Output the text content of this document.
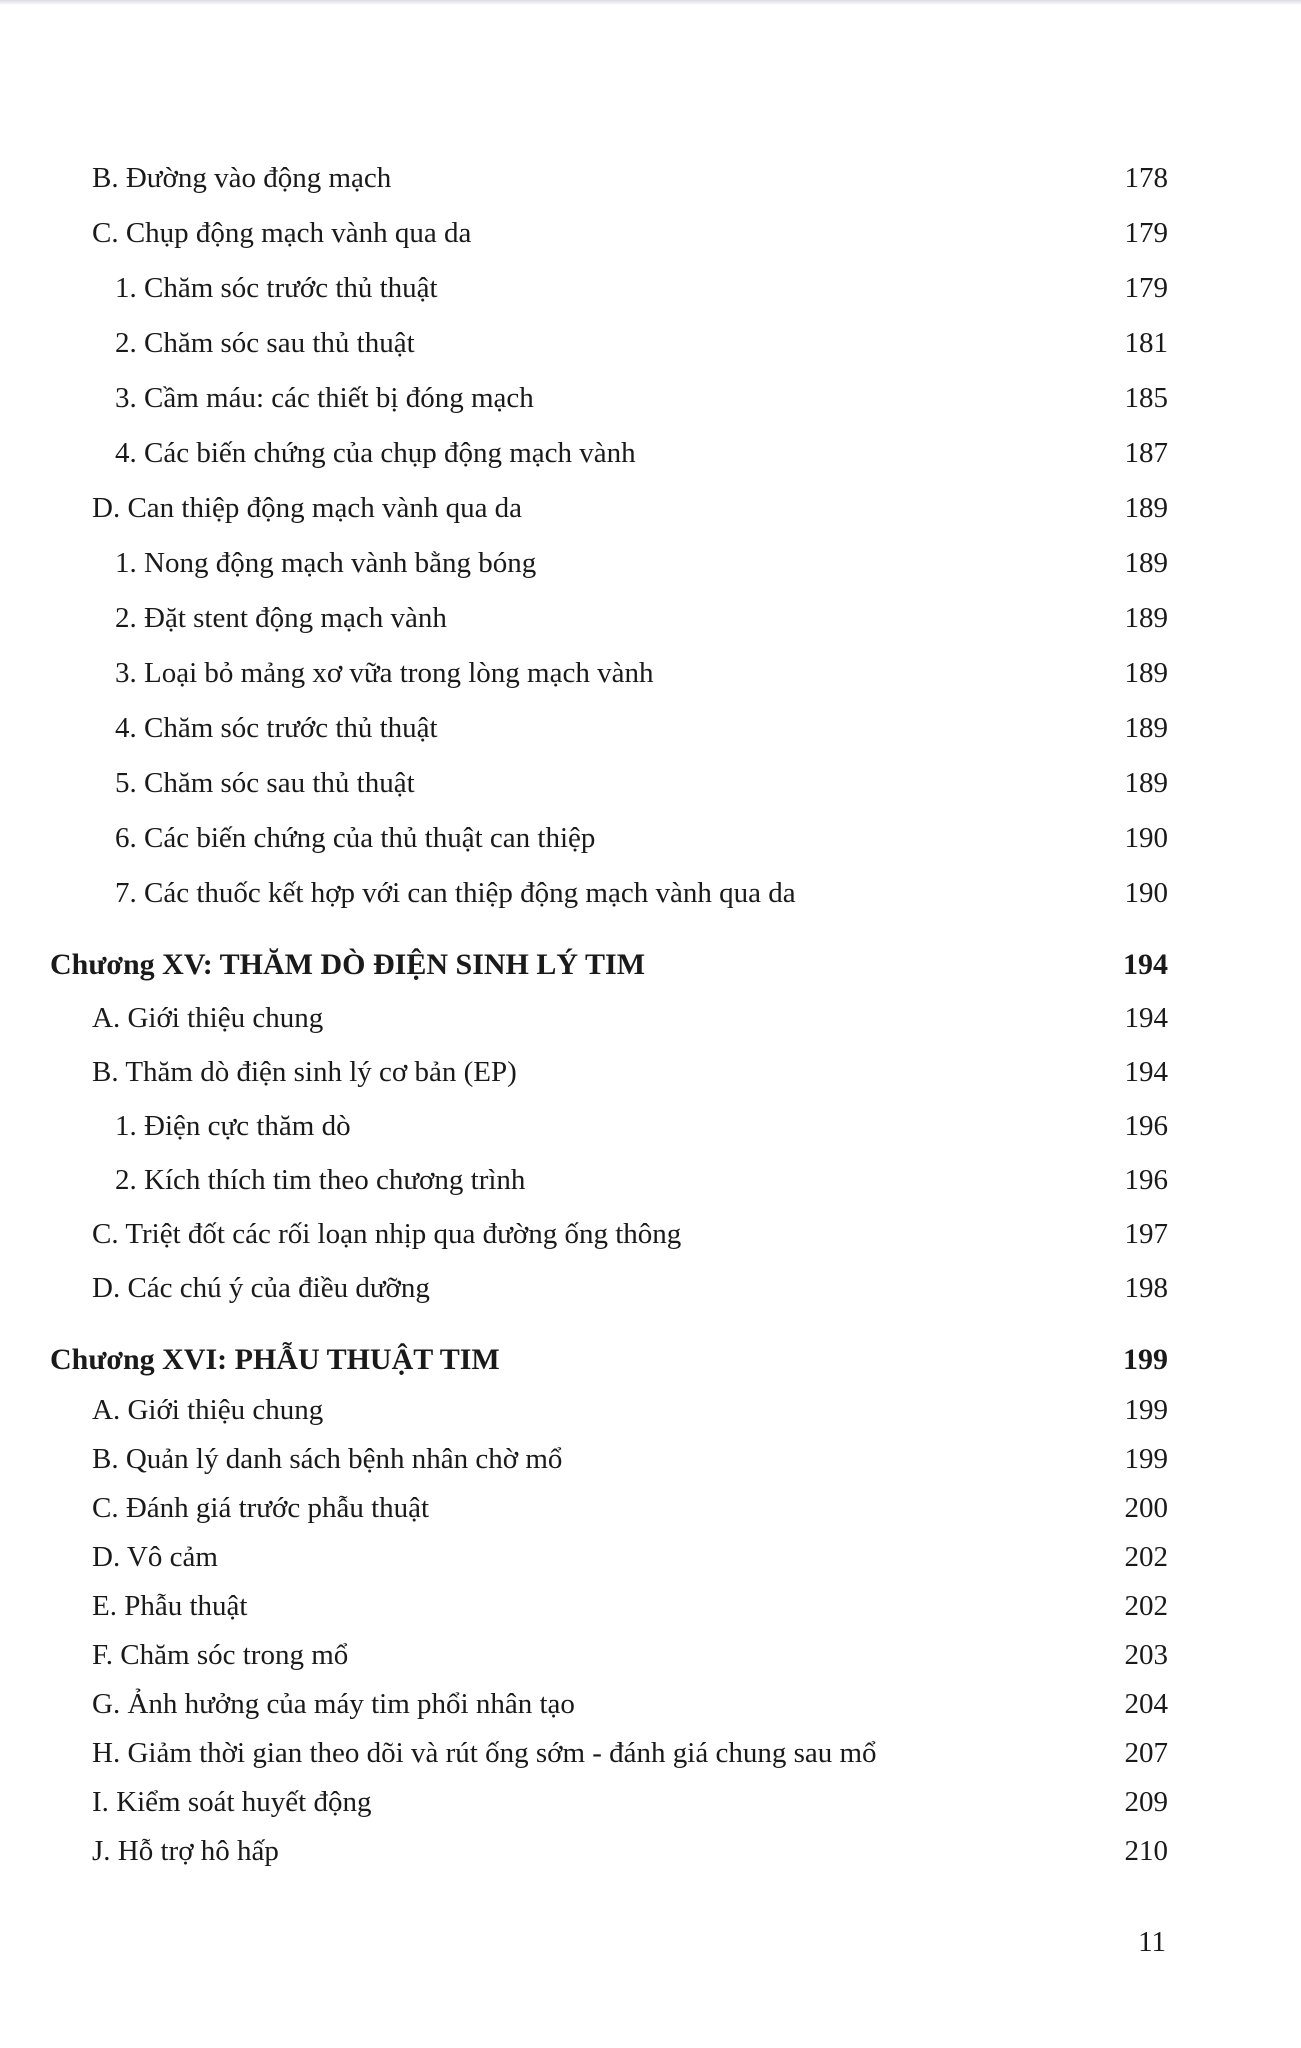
B. Đường vào động mạch	178
C. Chụp động mạch vành qua da	179
1. Chăm sóc trước thủ thuật	179
2. Chăm sóc sau thủ thuật	181
3. Cầm máu: các thiết bị đóng mạch	185
4. Các biến chứng của chụp động mạch vành	187
D. Can thiệp động mạch vành qua da	189
1. Nong động mạch vành bằng bóng	189
2. Đặt stent động mạch vành	189
3. Loại bỏ mảng xơ vữa trong lòng mạch vành	189
4. Chăm sóc trước thủ thuật	189
5. Chăm sóc sau thủ thuật	189
6. Các biến chứng của thủ thuật can thiệp	190
7. Các thuốc kết hợp với can thiệp động mạch vành qua da	190
Chương XV: THĂM DÒ ĐIỆN SINH LÝ TIM	194
A. Giới thiệu chung	194
B. Thăm dò điện sinh lý cơ bản (EP)	194
1. Điện cực thăm dò	196
2. Kích thích tim theo chương trình	196
C. Triệt đốt các rối loạn nhịp qua đường ống thông	197
D. Các chú ý của điều dưỡng	198
Chương XVI: PHẪU THUẬT TIM	199
A. Giới thiệu chung	199
B. Quản lý danh sách bệnh nhân chờ mổ	199
C. Đánh giá trước phẫu thuật	200
D. Vô cảm	202
E. Phẫu thuật	202
F. Chăm sóc trong mổ	203
G. Ảnh hưởng của máy tim phổi nhân tạo	204
H. Giảm thời gian theo dõi và rút ống sớm - đánh giá chung sau mổ	207
I. Kiểm soát huyết động	209
J. Hỗ trợ hô hấp	210
11
